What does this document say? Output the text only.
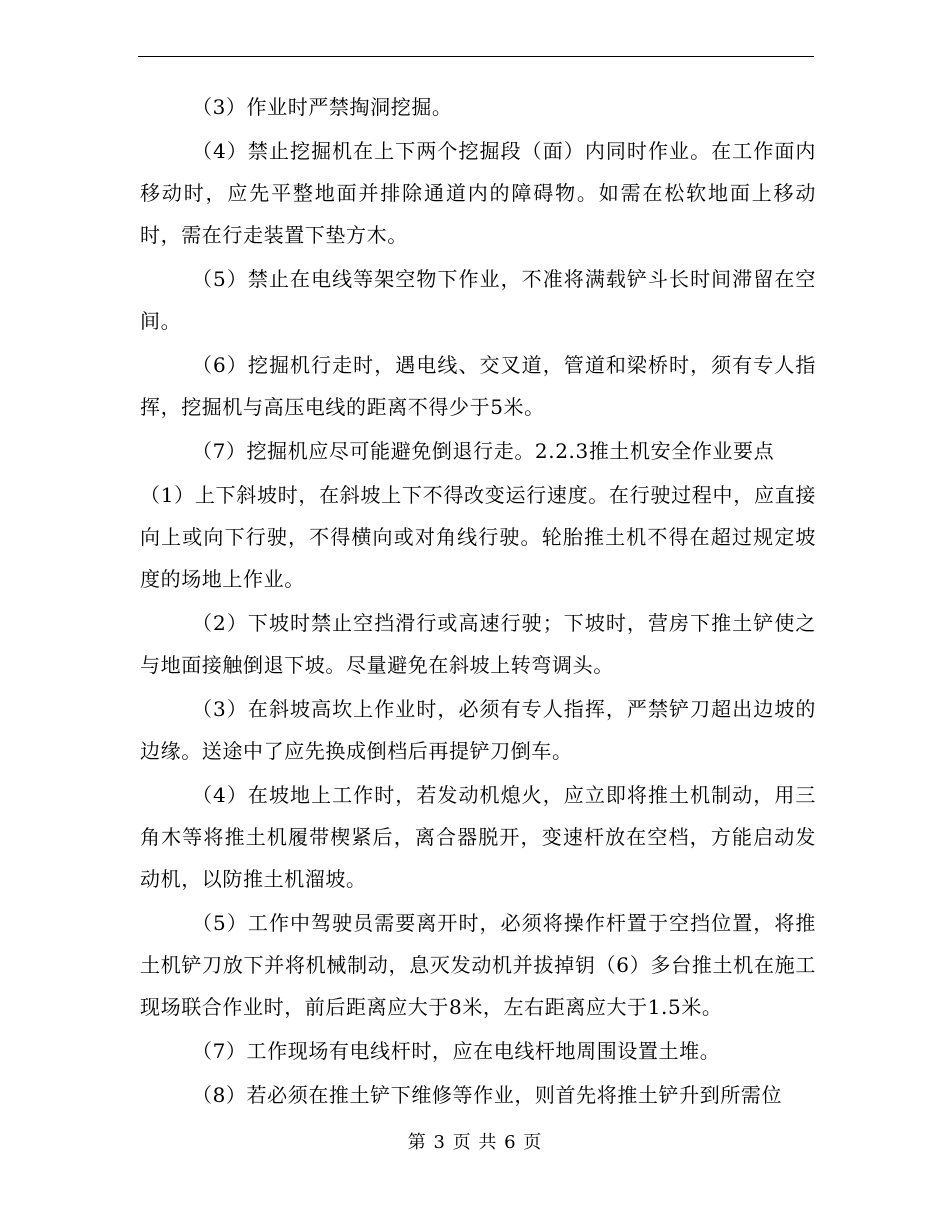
（3）作业时严禁掏洞挖掘。

（4）禁止挖掘机在上下两个挖掘段（面）内同时作业。在工作面内移动时，应先平整地面并排除通道内的障碍物。如需在松软地面上移动时，需在行走装置下垫方木。

（5）禁止在电线等架空物下作业，不准将满载铲斗长时间滞留在空间。

（6）挖掘机行走时，遇电线、交叉道，管道和梁桥时，须有专人指挥，挖掘机与高压电线的距离不得少于5米。

（7）挖掘机应尽可能避免倒退行走。2.2.3推土机安全作业要点

（1）上下斜坡时，在斜坡上下不得改变运行速度。在行驶过程中，应直接向上或向下行驶，不得横向或对角线行驶。轮胎推土机不得在超过规定坡度的场地上作业。

（2）下坡时禁止空挡滑行或高速行驶；下坡时，营房下推土铲使之与地面接触倒退下坡。尽量避免在斜坡上转弯调头。

（3）在斜坡高坎上作业时，必须有专人指挥，严禁铲刀超出边坡的边缘。送途中了应先换成倒档后再提铲刀倒车。

（4）在坡地上工作时，若发动机熄火，应立即将推土机制动，用三角木等将推土机履带楔紧后，离合器脱开，变速杆放在空档，方能启动发动机，以防推土机溜坡。

（5）工作中驾驶员需要离开时，必须将操作杆置于空挡位置，将推土机铲刀放下并将机械制动，息灭发动机并拔掉钥（6）多台推土机在施工现场联合作业时，前后距离应大于8米，左右距离应大于1.5米。

（7）工作现场有电线杆时，应在电线杆地周围设置土堆。

（8）若必须在推土铲下维修等作业，则首先将推土铲升到所需位

第 3 页 共 6 页
